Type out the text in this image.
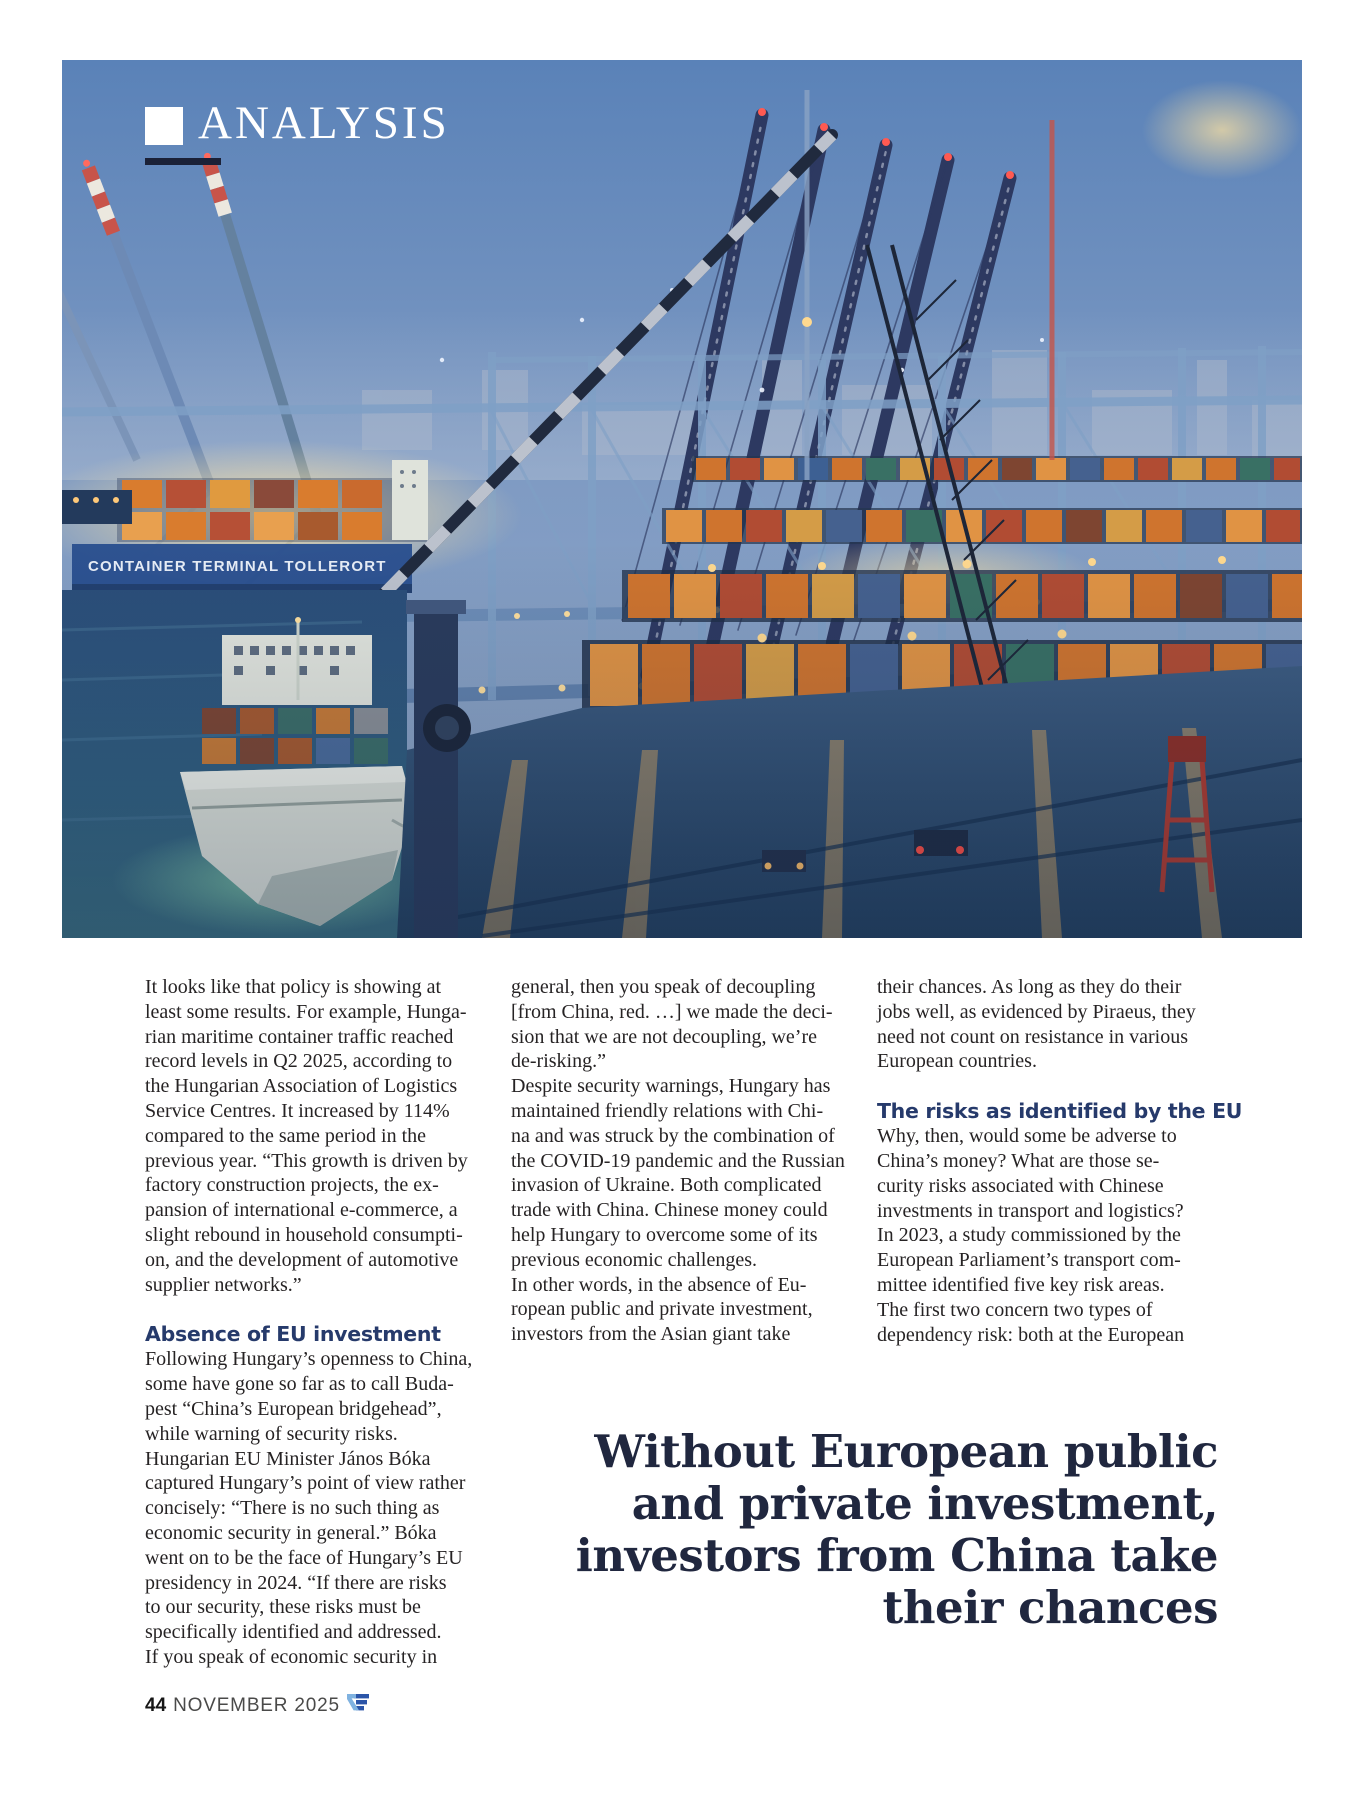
ANALYSIS
It looks like that policy is showing at
least some results. For example, Hunga-
rian maritime container traffic reached
record levels in Q2 2025, according to
the Hungarian Association of Logistics
Service Centres. It increased by 114%
compared to the same period in the
previous year. “This growth is driven by
factory construction projects, the ex-
pansion of international e-commerce, a
slight rebound in household consumpti-
on, and the development of automotive
supplier networks.”
Absence of EU investment
Following Hungary’s openness to China,
some have gone so far as to call Buda-
pest “China’s European bridgehead”,
while warning of security risks.
Hungarian EU Minister János Bóka
captured Hungary’s point of view rather
concisely: “There is no such thing as
economic security in general.” Bóka
went on to be the face of Hungary’s EU
presidency in 2024. “If there are risks
to our security, these risks must be
specifically identified and addressed.
If you speak of economic security in
general, then you speak of decoupling
[from China, red. …] we made the deci-
sion that we are not decoupling, we’re
de-risking.”
Despite security warnings, Hungary has
maintained friendly relations with Chi-
na and was struck by the combination of
the COVID-19 pandemic and the Russian
invasion of Ukraine. Both complicated
trade with China. Chinese money could
help Hungary to overcome some of its
previous economic challenges.
In other words, in the absence of Eu-
ropean public and private investment,
investors from the Asian giant take
their chances. As long as they do their
jobs well, as evidenced by Piraeus, they
need not count on resistance in various
European countries.
The risks as identified by the EU
Why, then, would some be adverse to
China’s money? What are those se-
curity risks associated with Chinese
investments in transport and logistics?
In 2023, a study commissioned by the
European Parliament’s transport com-
mittee identified five key risk areas.
The first two concern two types of
dependency risk: both at the European
Without European public
and private investment,
investors from China take
their chances
44 NOVEMBER 2025
